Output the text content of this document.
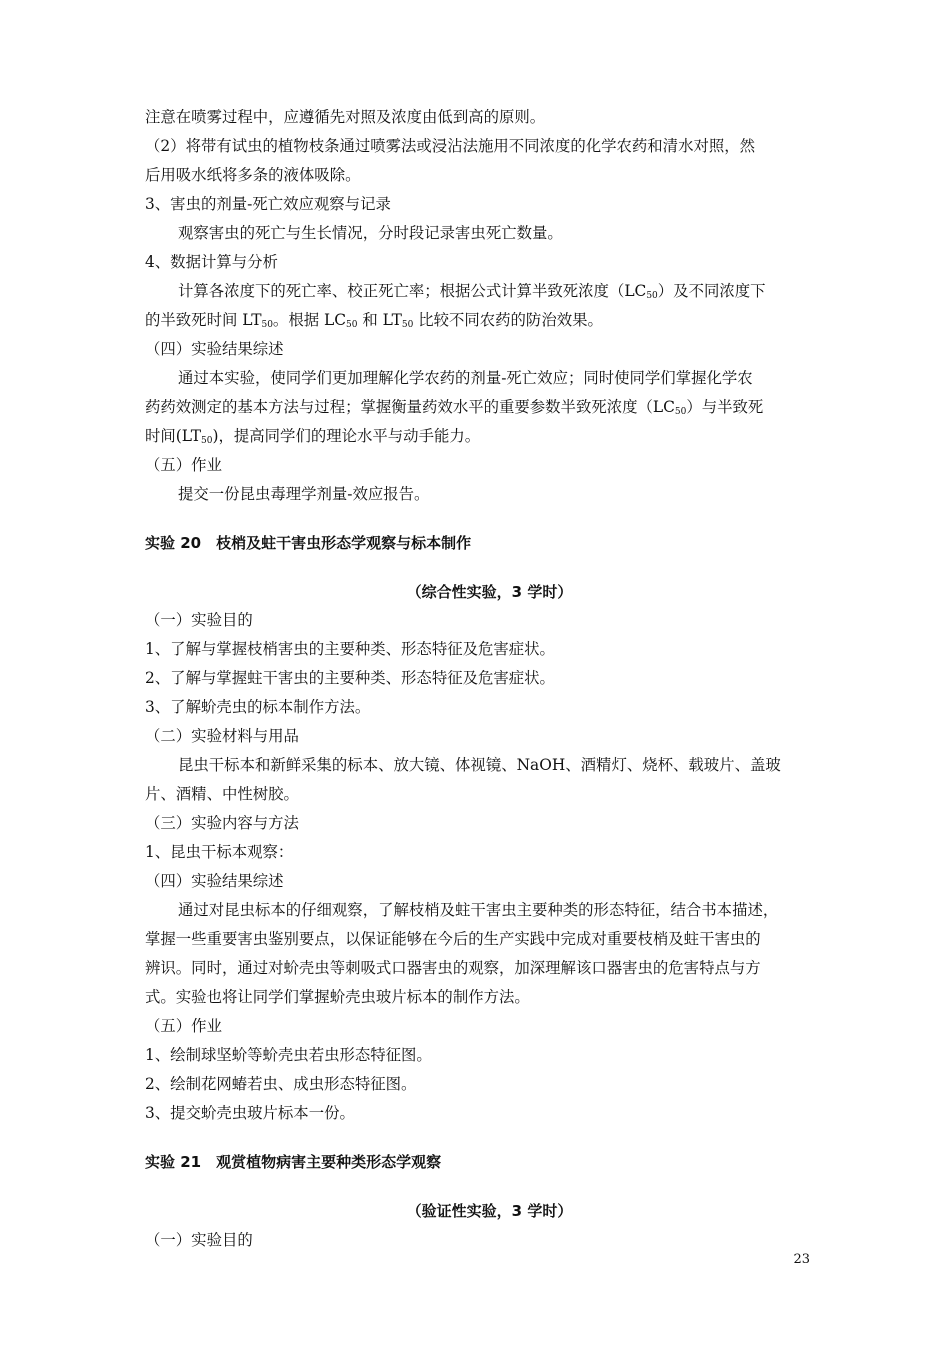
注意在喷雾过程中，应遵循先对照及浓度由低到高的原则。
（2）将带有试虫的植物枝条通过喷雾法或浸沾法施用不同浓度的化学农药和清水对照，然
后用吸水纸将多条的液体吸除。
3、害虫的剂量-死亡效应观察与记录
观察害虫的死亡与生长情况，分时段记录害虫死亡数量。
4、数据计算与分析
计算各浓度下的死亡率、校正死亡率；根据公式计算半致死浓度$(LC_{50})$及不同浓度下
的半致死时间 $LT_{50}$。根据 $LC_{50}$ 和 $LT_{50}$ 比较不同农药的防治效果。
（四）实验结果综述
通过本实验，使同学们更加理解化学农药的剂量-死亡效应；同时使同学们掌握化学农
药药效测定的基本方法与过程；掌握衡量药效水平的重要参数半致死浓度$(LC_{50})$与半致死
时间$(LT_{50})$，提高同学们的理论水平与动手能力。
（五）作业
提交一份昆虫毒理学剂量-效应报告。
实验 20　枝梢及蛀干害虫形态学观察与标本制作
（综合性实验，3 学时）
（一）实验目的
1、了解与掌握枝梢害虫的主要种类、形态特征及危害症状。
2、了解与掌握蛀干害虫的主要种类、形态特征及危害症状。
3、了解蚧壳虫的标本制作方法。
（二）实验材料与用品
昆虫干标本和新鲜采集的标本、放大镜、体视镜、NaOH、酒精灯、烧杯、载玻片、盖玻
片、酒精、中性树胶。
（三）实验内容与方法
1、昆虫干标本观察：
（四）实验结果综述
通过对昆虫标本的仔细观察，了解枝梢及蛀干害虫主要种类的形态特征，结合书本描述，
掌握一些重要害虫鉴别要点，以保证能够在今后的生产实践中完成对重要枝梢及蛀干害虫的
辨识。同时，通过对蚧壳虫等刺吸式口器害虫的观察，加深理解该口器害虫的危害特点与方
式。实验也将让同学们掌握蚧壳虫玻片标本的制作方法。
（五）作业
1、绘制球坚蚧等蚧壳虫若虫形态特征图。
2、绘制花网蝽若虫、成虫形态特征图。
3、提交蚧壳虫玻片标本一份。
实验 21　观赏植物病害主要种类形态学观察
（验证性实验，3 学时）
（一）实验目的
23
